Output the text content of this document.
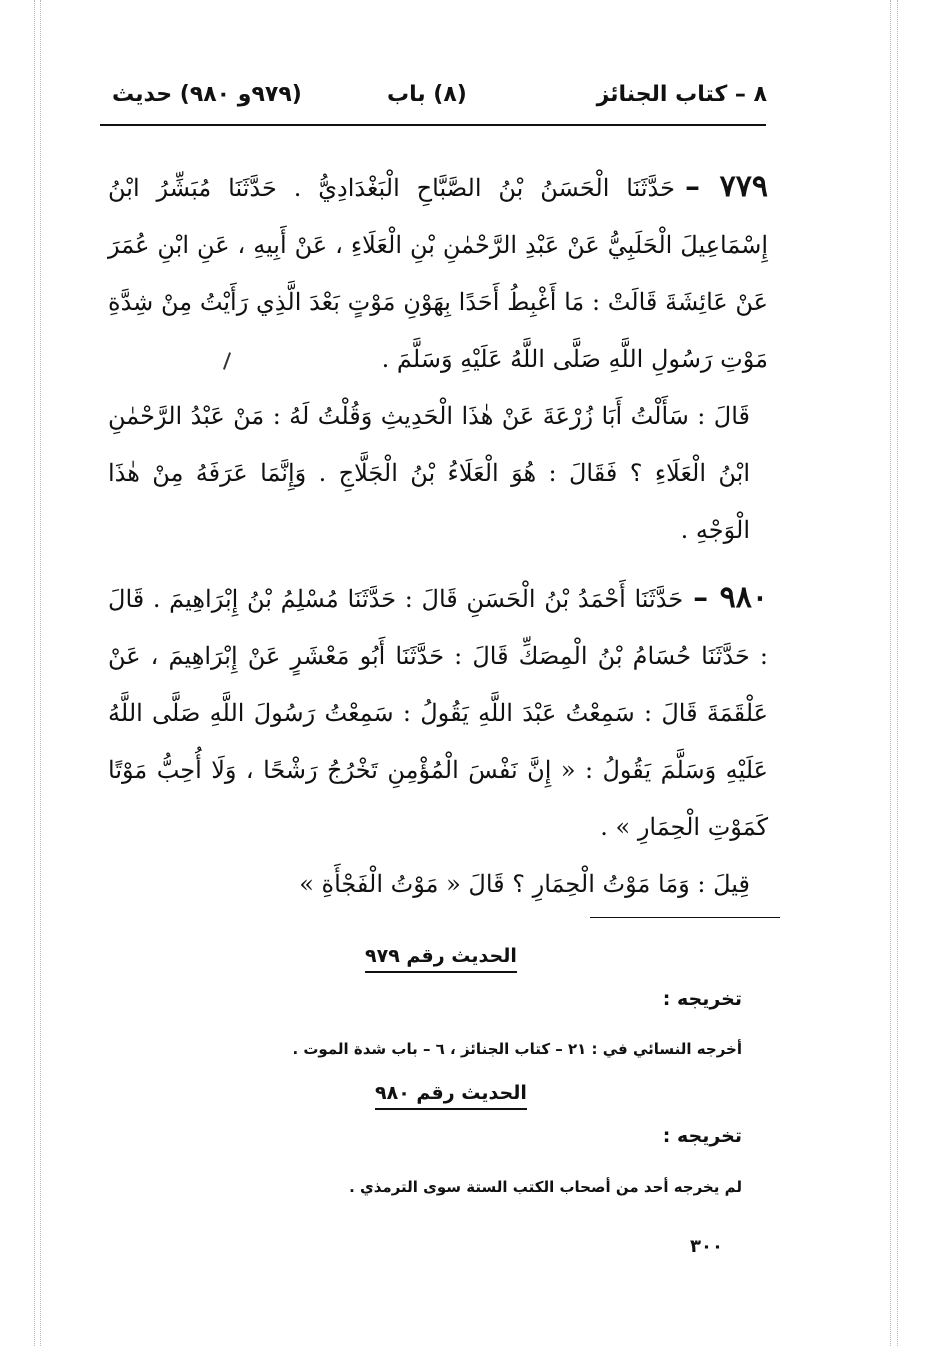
٨ – كتاب الجنائز
(٨) باب
(٩٧٩و ٩٨٠) حديث

٧٧٩ –حَدَّثَنَا الْحَسَنُ بْنُ الصَّبَّاحِ الْبَغْدَادِيُّ . حَدَّثَنَا مُبَشِّرُ ابْنُ إِسْمَاعِيلَ الْحَلَبِيُّ عَنْ عَبْدِ الرَّحْمٰنِ بْنِ الْعَلَاءِ ، عَنْ أَبِيهِ ، عَنِ ابْنِ عُمَرَ عَنْ عَائِشَةَ قَالَتْ : مَا أَغْبِطُ أَحَدًا بِهَوْنِ مَوْتٍ بَعْدَ الَّذِي رَأَيْتُ مِنْ شِدَّةِ مَوْتِ رَسُولِ اللَّهِ صَلَّى اللَّهُ عَلَيْهِ وَسَلَّمَ .

قَالَ : سَأَلْتُ أَبَا زُرْعَةَ عَنْ هٰذَا الْحَدِيثِ وَقُلْتُ لَهُ : مَنْ عَبْدُ الرَّحْمٰنِ ابْنُ الْعَلَاءِ ؟ فَقَالَ : هُوَ الْعَلَاءُ بْنُ الْجَلَّاجِ . وَإِنَّمَا عَرَفَهُ مِنْ هٰذَا الْوَجْهِ .

٩٨٠ –حَدَّثَنَا أَحْمَدُ بْنُ الْحَسَنِ قَالَ : حَدَّثَنَا مُسْلِمُ بْنُ إِبْرَاهِيمَ . قَالَ : حَدَّثَنَا حُسَامُ بْنُ الْمِصَكِّ قَالَ : حَدَّثَنَا أَبُو مَعْشَرٍ عَنْ إِبْرَاهِيمَ ، عَنْ عَلْقَمَةَ قَالَ : سَمِعْتُ عَبْدَ اللَّهِ يَقُولُ : سَمِعْتُ رَسُولَ اللَّهِ صَلَّى اللَّهُ عَلَيْهِ وَسَلَّمَ يَقُولُ : « إِنَّ نَفْسَ الْمُؤْمِنِ تَخْرُجُ رَشْحًا ، وَلَا أُحِبُّ مَوْتًا كَمَوْتِ الْحِمَارِ » .

قِيلَ : وَمَا مَوْتُ الْحِمَارِ ؟ قَالَ « مَوْتُ الْفَجْأَةِ »

الحديث رقم ٩٧٩
تخريجه :
أخرجه النسائي في : ٢١ – كتاب الجنائز ، ٦ – باب شدة الموت .
الحديث رقم ٩٨٠
تخريجه :
لم يخرجه أحد من أصحاب الكتب الستة سوى الترمذي .
٣٠٠
